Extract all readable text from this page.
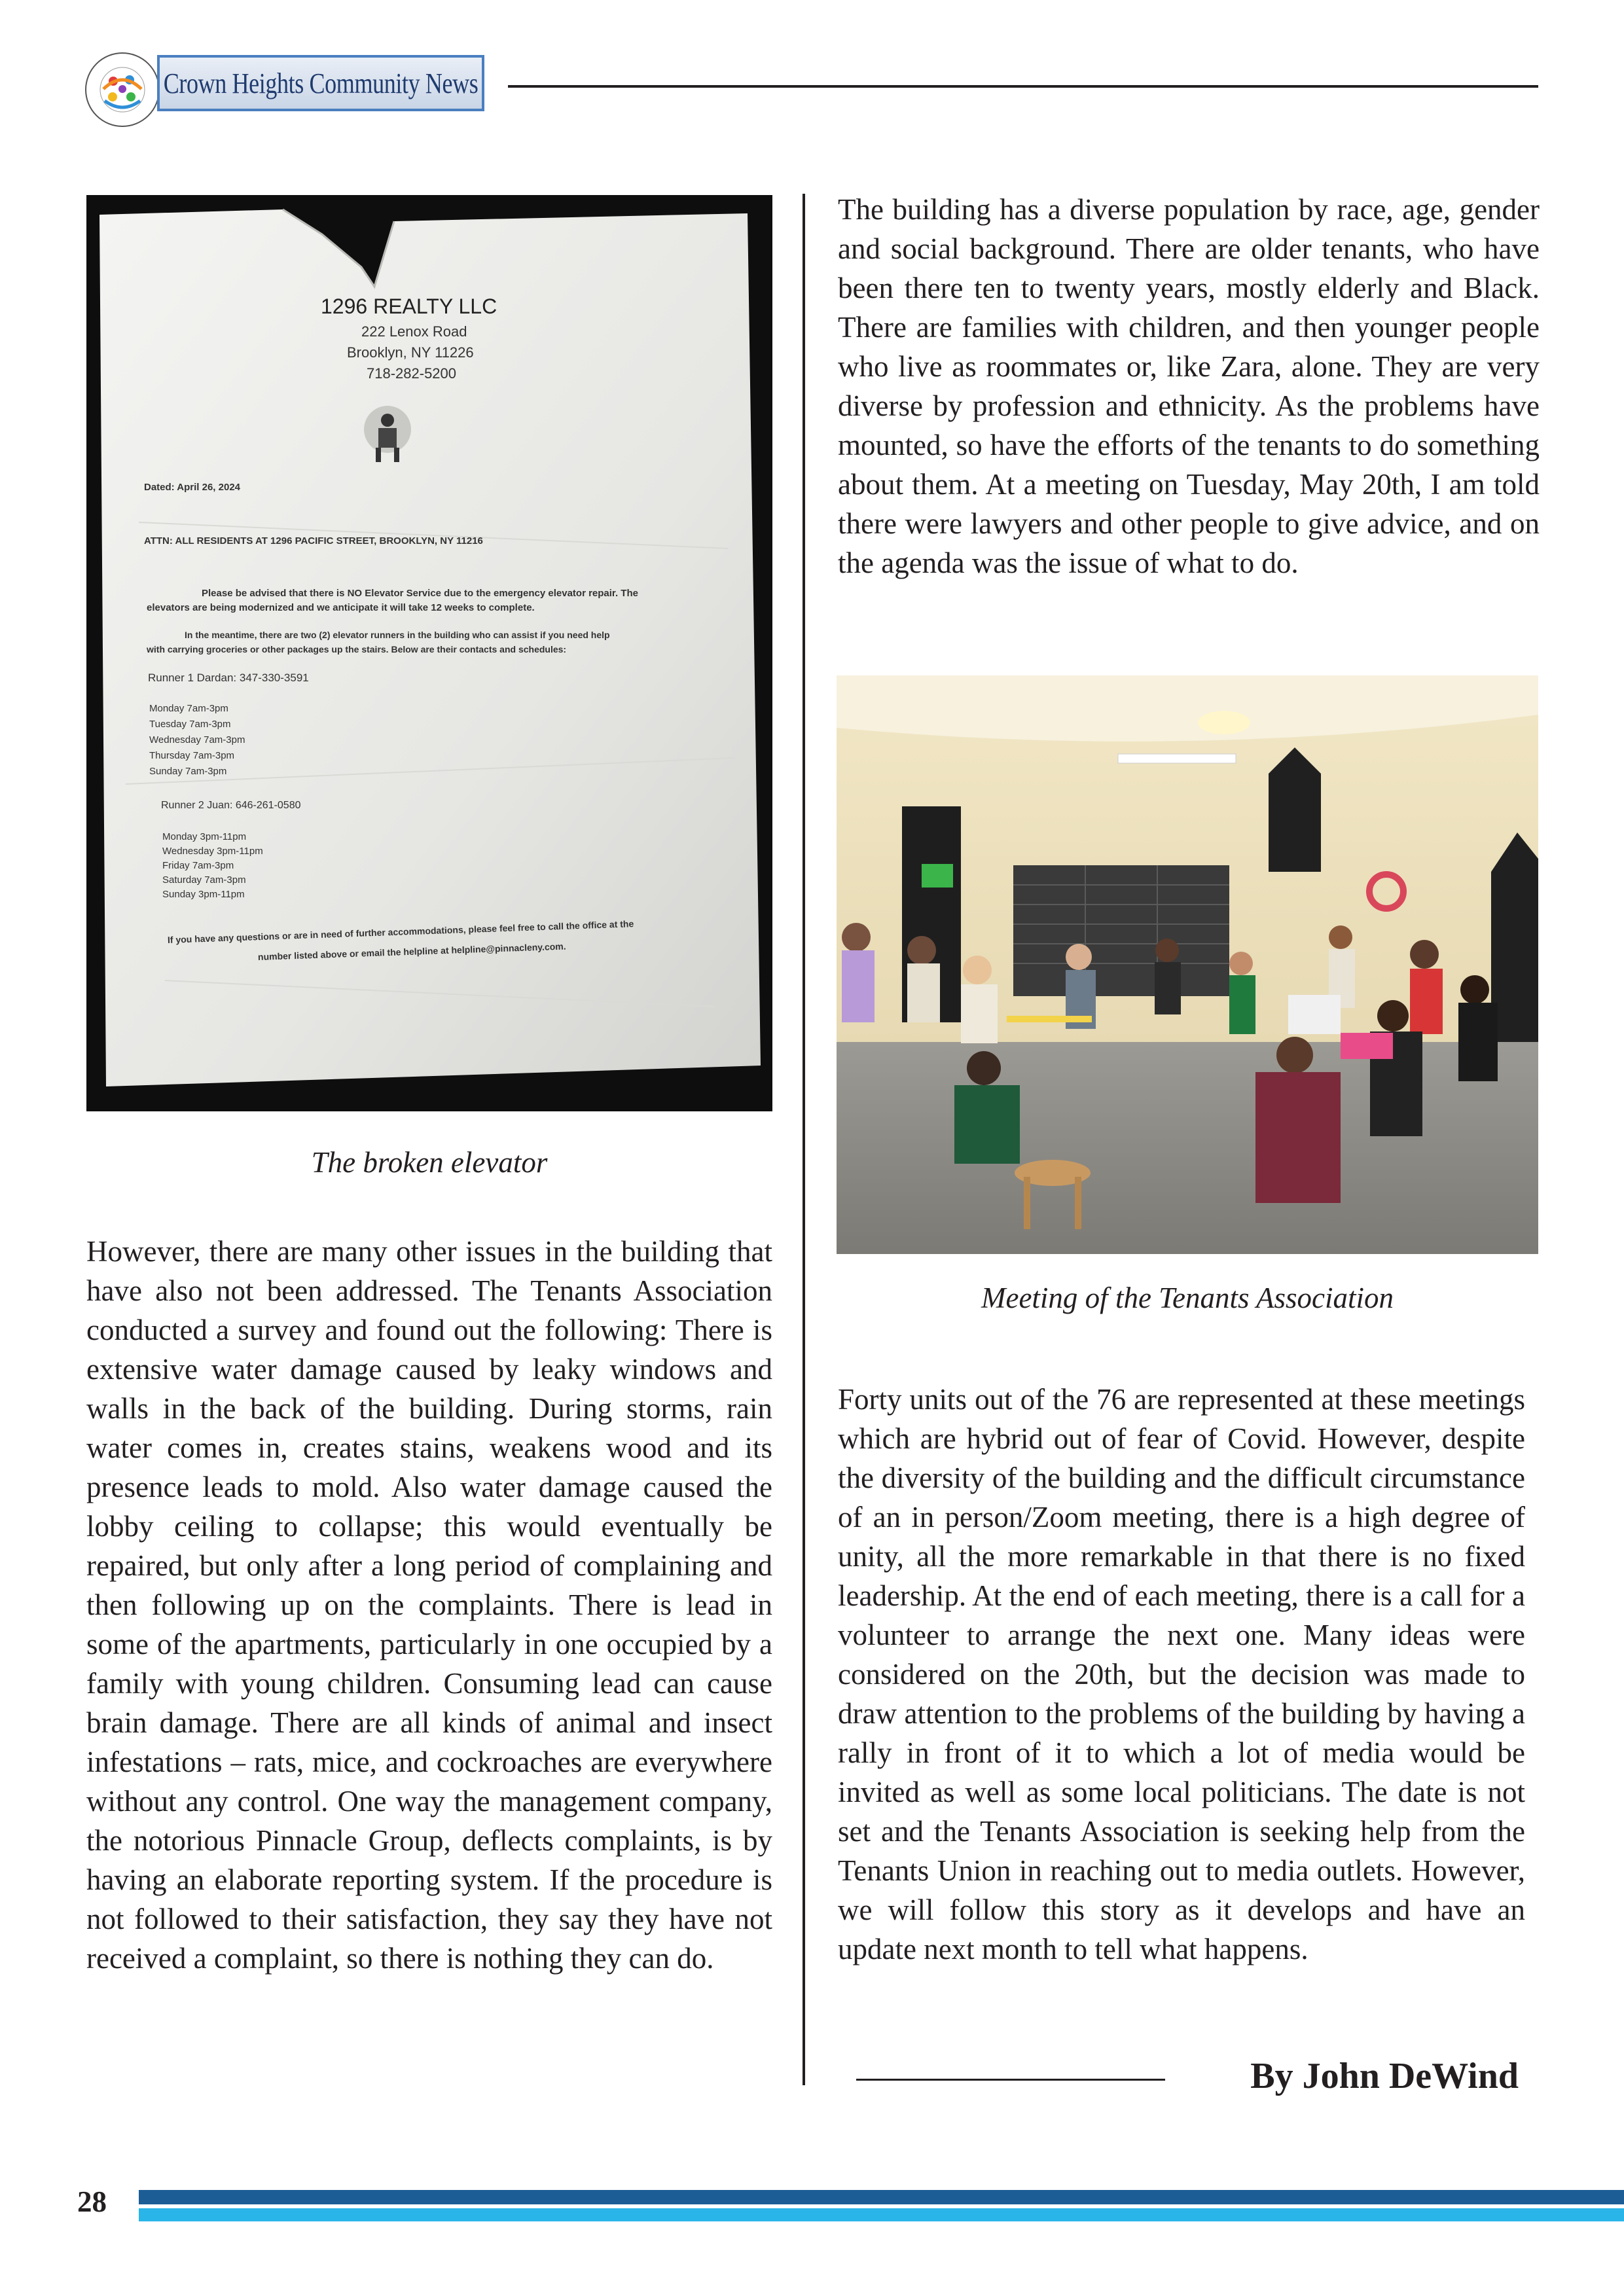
Crown Heights Community News
1296 REALTY LLC
222 Lenox Road
Brooklyn, NY 11226
718-282-5200
Dated: April 26, 2024
ATTN: ALL RESIDENTS AT 1296 PACIFIC STREET, BROOKLYN, NY 11216
Please be advised that there is NO Elevator Service due to the emergency elevator repair. The
elevators are being modernized and we anticipate it will take 12 weeks to complete.
In the meantime, there are two (2) elevator runners in the building who can assist if you need help
with carrying groceries or other packages up the stairs. Below are their contacts and schedules:
Runner 1 Dardan: 347-330-3591
Monday 7am-3pm
Tuesday 7am-3pm
Wednesday 7am-3pm
Thursday 7am-3pm
Sunday 7am-3pm
Runner 2 Juan: 646-261-0580
Monday 3pm-11pm
Wednesday 3pm-11pm
Friday 7am-3pm
Saturday 7am-3pm
Sunday 3pm-11pm
If you have any questions or are in need of further accommodations, please feel free to call the office at the
number listed above or email the helpline at helpline@pinnacleny.com.
The broken elevator

However, there are many other issues in the building that have also not been addressed. The Tenants Association conducted a survey and found out the following: There is extensive water damage caused by leaky windows and walls in the back of the building. During storms, rain water comes in, creates stains, weakens wood and its presence leads to mold. Also water damage caused the lobby ceiling to collapse; this would eventually be repaired, but only after a long period of complaining and then following up on the complaints. There is lead in some of the apartments, particularly in one occupied by a family with young children. Consuming lead can cause brain damage. There are all kinds of animal and insect infestations – rats, mice, and cockroaches are everywhere without any control. One way the management company, the notorious Pinnacle Group, deflects complaints, is by having an elaborate reporting system. If the procedure is not followed to their satisfaction, they say they have not received a complaint, so there is nothing they can do.

The building has a diverse population by race, age, gender and social background. There are older tenants, who have been there ten to twenty years, mostly elderly and Black. There are families with children, and then younger people who live as roommates or, like Zara, alone. They are very diverse by profession and ethnicity. As the problems have mounted, so have the efforts of the tenants to do something about them. At a meeting on Tuesday, May 20th, I am told there were lawyers and other people to give advice, and on the agenda was the issue of what to do.

Meeting of the Tenants Association

Forty units out of the 76 are represented at these meetings which are hybrid out of fear of Covid. However, despite the diversity of the building and the difficult circumstance of an in person/Zoom meeting, there is a high degree of unity, all the more remarkable in that there is no fixed leadership. At the end of each meeting, there is a call for a volunteer to arrange the next one. Many ideas were considered on the 20th, but the decision was made to draw attention to the problems of the building by having a rally in front of it to which a lot of media would be invited as well as some local politicians. The date is not set and the Tenants Association is seeking help from the Tenants Union in reaching out to media outlets. However, we will follow this story as it develops and have an update next month to tell what happens.

By John DeWind
28
